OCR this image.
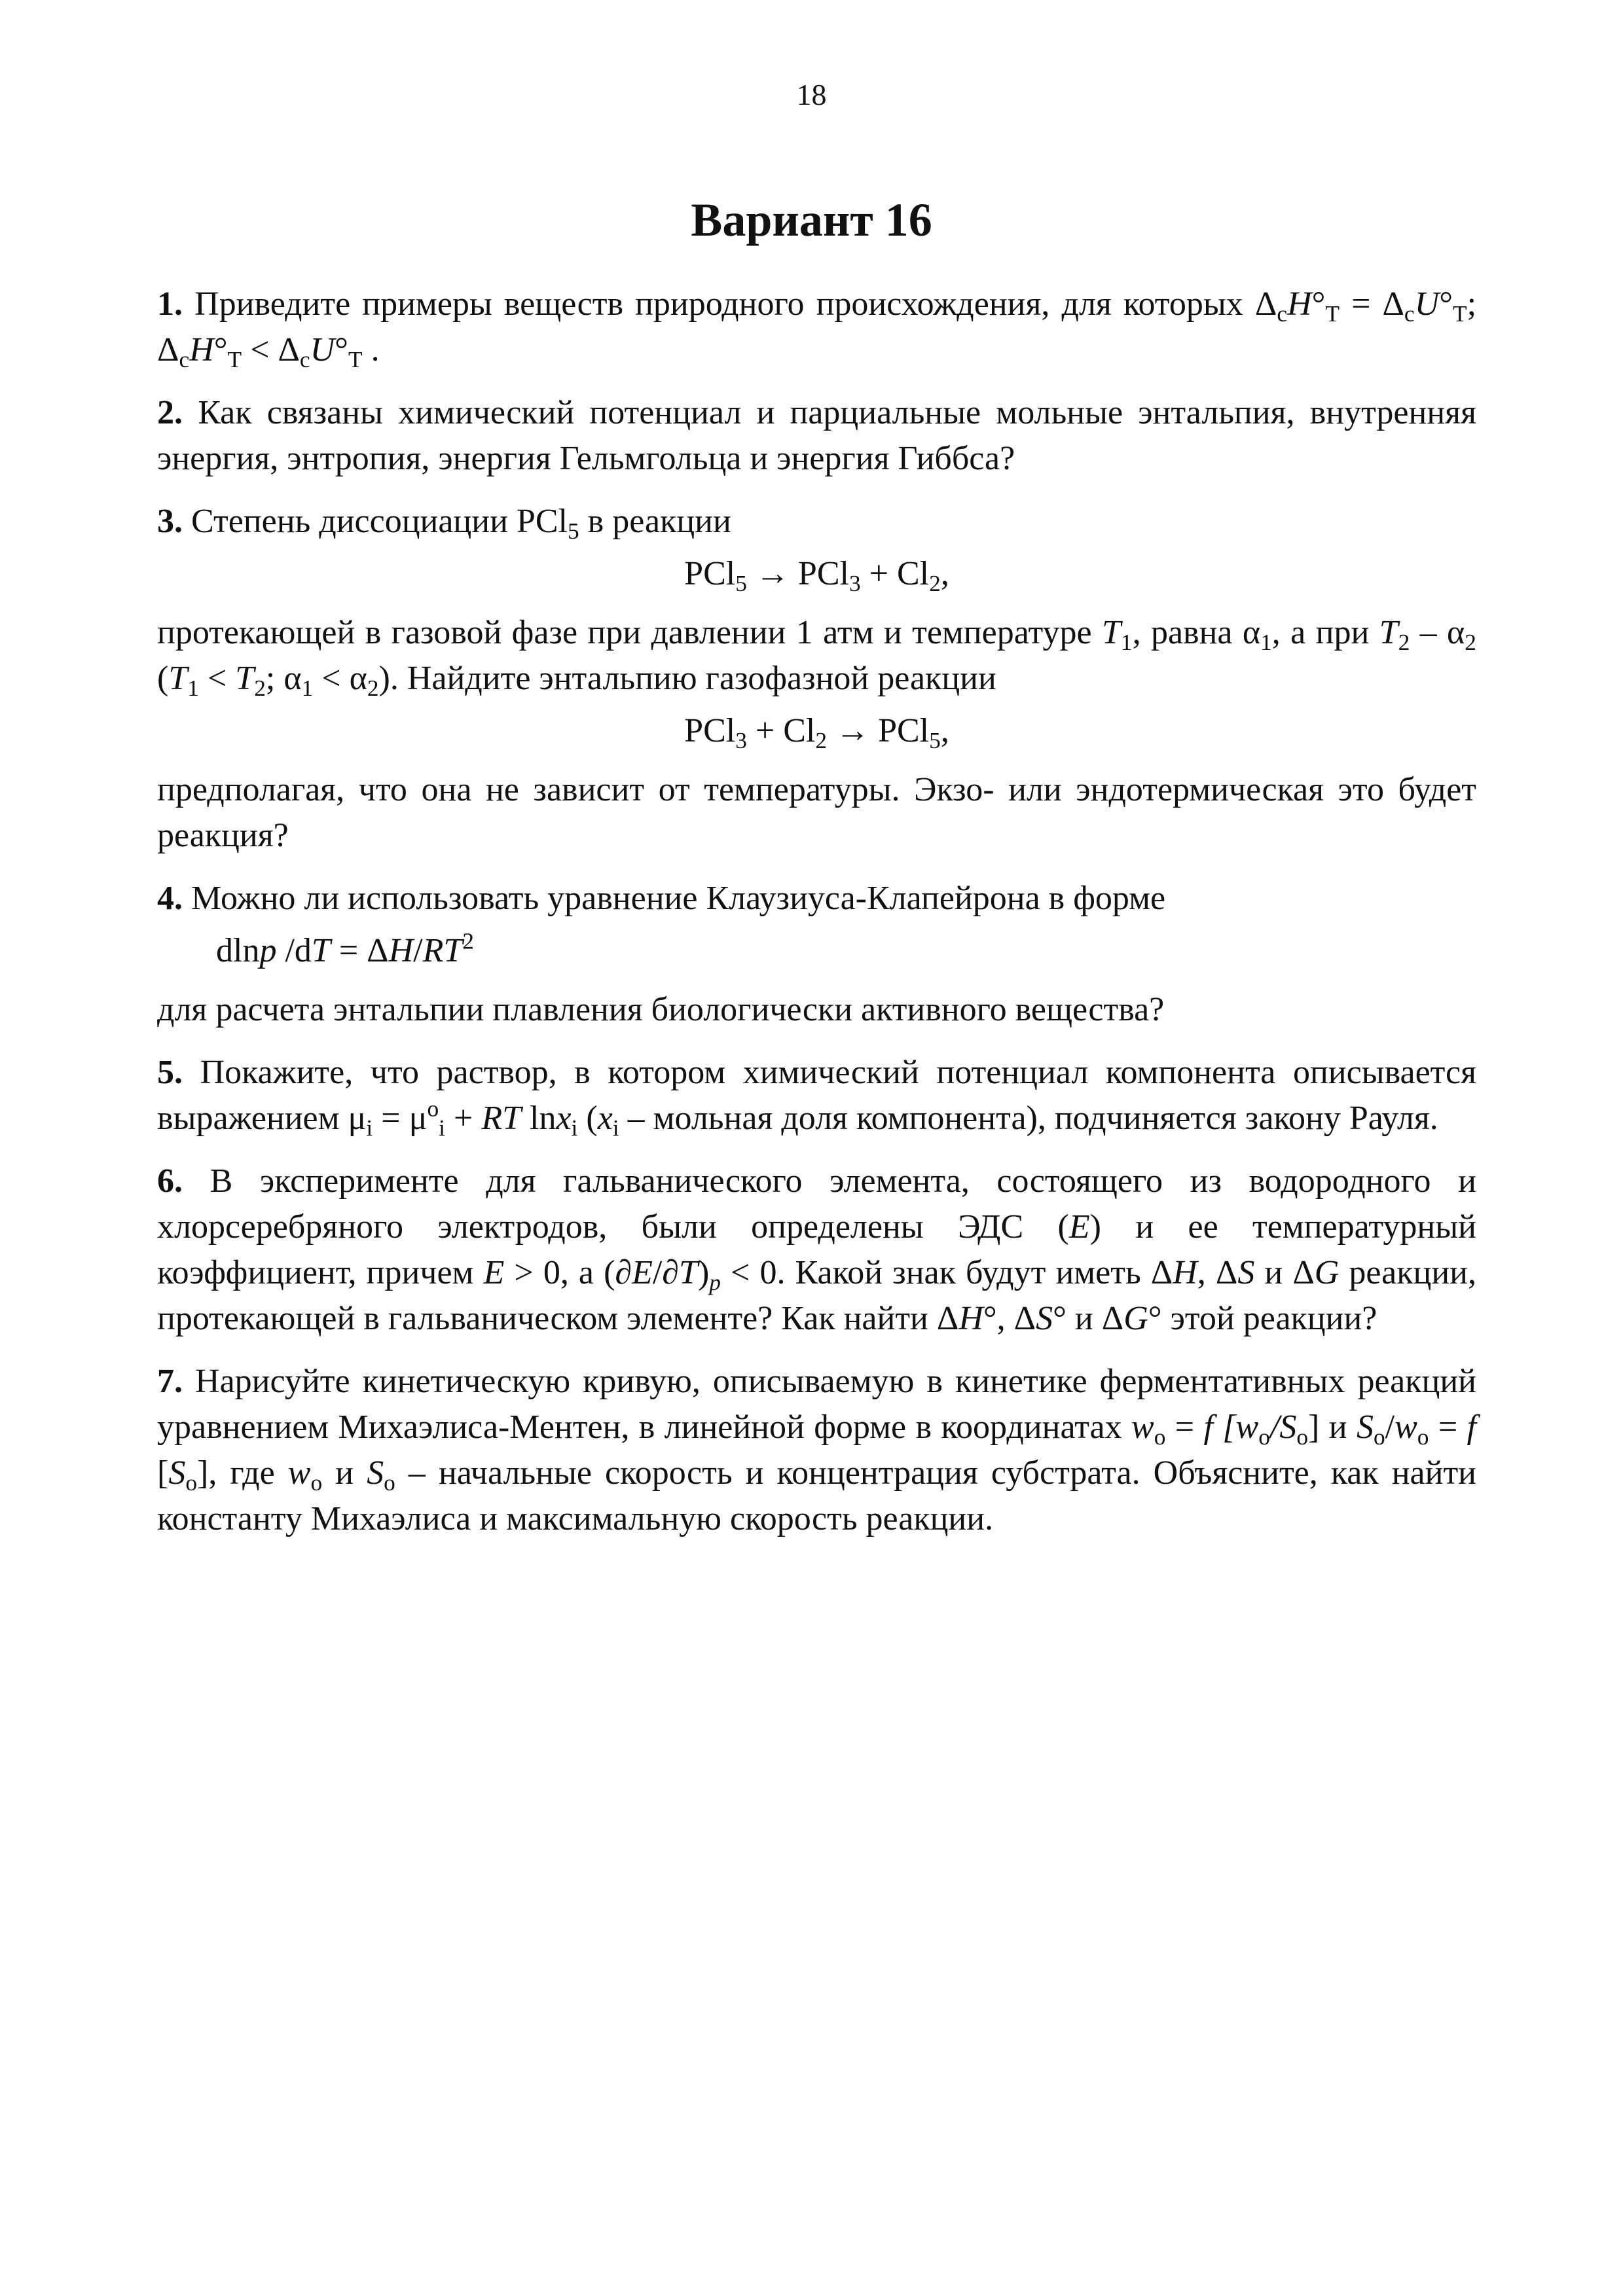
18
Вариант 16

1. Приведите примеры веществ природного происхождения, для которых $\Delta_cH^\circ_Т = \Delta_cU^\circ_Т$; $\Delta_cH^\circ_Т < \Delta_cU^\circ_Т$ .

2. Как связаны химический потенциал и парциальные мольные энтальпия, внутренняя энергия, энтропия, энергия Гельмгольца и энергия Гиббса?

3. Степень диссоциации PCl$_5$ в реакции

$PCl_5 \to PCl_3 + Cl_2$,

протекающей в газовой фазе при давлении 1 атм и температуре $T_1$, равна $\alpha_1$, а при $T_2 - \alpha_2$ ($T_1 < T_2$; $\alpha_1 < \alpha_2$). Найдите энтальпию газофазной реакции

$PCl_3 + Cl_2 \to PCl_5$,

предполагая, что она не зависит от температуры. Экзо- или эндотермическая это будет реакция?

4. Можно ли использовать уравнение Клаузиуса-Клапейрона в форме

dlnp $/dT = \Delta H/RT^2$

для расчета энтальпии плавления биологически активного вещества?

5. Покажите, что раствор, в котором химический потенциал компонента описывается выражением $\mu_i = \mu^o_i$ + RT lnx$_i$ ($x_i$ – мольная доля компонента), подчиняется закону Рауля.

6. В эксперименте для гальванического элемента, состоящего из водородного и хлорсеребряного электродов, были определены ЭДС (E) и ее температурный коэффициент, причем E > 0, а $(\partial E/\partial T)_p < 0$. Какой знак будут иметь ΔH, ΔS и ΔG реакции, протекающей в гальваническом элементе? Как найти ΔH°, ΔS° и ΔG° этой реакции?

7. Нарисуйте кинетическую кривую, описываемую в кинетике ферментативных реакций уравнением Михаэлиса-Ментен, в линейной форме в координатах $w_o = f$ $[w_o/S_o]$ и $S_o/w_o = f$ $[S_o]$, где $w_o$ и $S_o$ – начальные скорость и концентрация субстрата. Объясните, как найти константу Михаэлиса и максимальную скорость реакции.
